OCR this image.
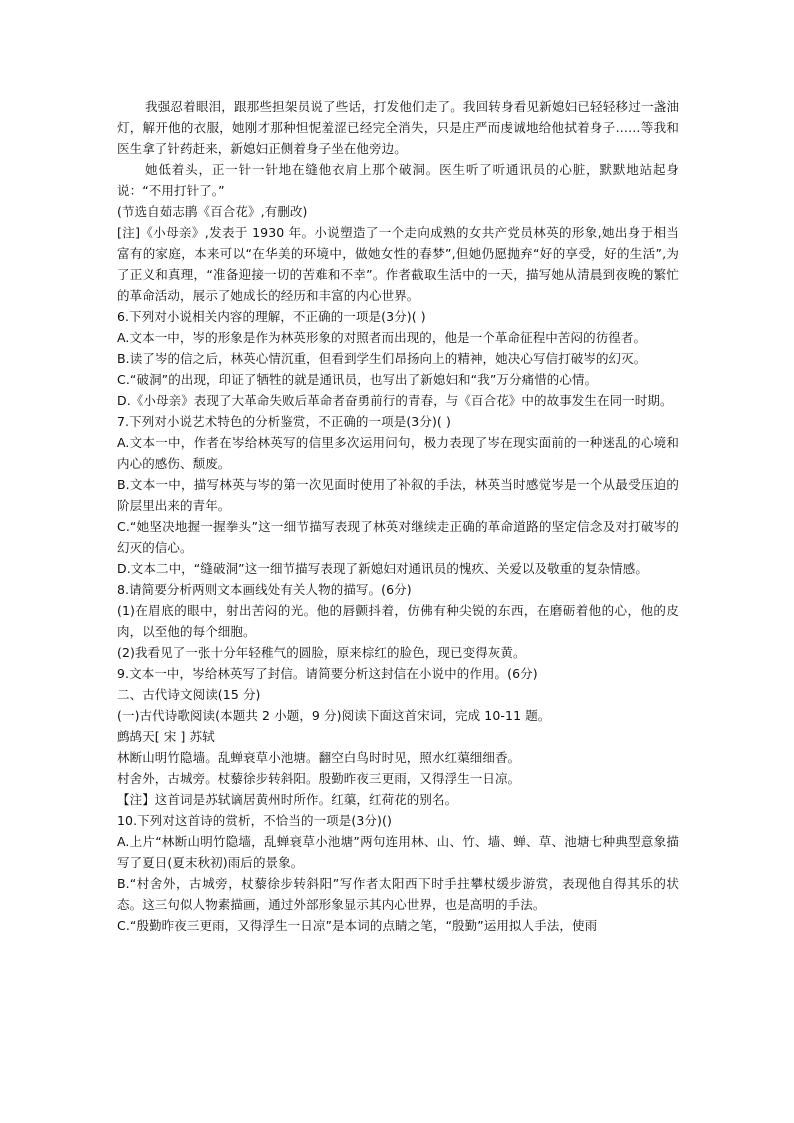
我强忍着眼泪，跟那些担架员说了些话，打发他们走了。我回转身看见新媳妇已轻轻移过一盏油灯，解开他的衣服，她刚才那种怛怩羞涩已经完全消失，只是庄严而虔诚地给他拭着身子……等我和医生拿了针药赶来，新媳妇正侧着身子坐在他旁边。

她低着头，正一针一针地在缝他衣肩上那个破洞。医生听了听通讯员的心脏，默默地站起身说：“不用打针了。”

(节选自茹志鹃《百合花》,有删改)

[注]《小母亲》,发表于 1930 年。小说塑造了一个走向成熟的女共产党员林英的形象,她出身于相当富有的家庭，本来可以“在华美的环境中，做她女性的春梦”,但她仍愿抛弃“好的享受，好的生活”,为了正义和真理，“准备迎接一切的苦难和不幸”。作者截取生活中的一天，描写她从清晨到夜晚的繁忙的革命活动，展示了她成长的经历和丰富的内心世界。

6.下列对小说相关内容的理解，不正确的一项是(3分)( )

A.文本一中，岑的形象是作为林英形象的对照者而出现的，他是一个革命征程中苦闷的彷徨者。

B.读了岑的信之后，林英心情沉重，但看到学生们昂扬向上的精神，她决心写信打破岑的幻灭。

C.“破洞”的出现，印证了牺牲的就是通讯员，也写出了新媳妇和“我”万分痛惜的心情。

D.《小母亲》表现了大革命失败后革命者奋勇前行的青春，与《百合花》中的故事发生在同一时期。

7.下列对小说艺术特色的分析鉴赏，不正确的一项是(3分)( )

A.文本一中，作者在岑给林英写的信里多次运用问句，极力表现了岑在现实面前的一种迷乱的心境和内心的感伤、颓废。

B.文本一中，描写林英与岑的第一次见面时使用了补叙的手法，林英当时感觉岑是一个从最受压迫的阶层里出来的青年。

C.“她坚决地握一握拳头”这一细节描写表现了林英对继续走正确的革命道路的坚定信念及对打破岑的幻灭的信心。

D.文本二中，“缝破洞”这一细节描写表现了新媳妇对通讯员的愧疚、关爱以及敬重的复杂情感。

8.请简要分析两则文本画线处有关人物的描写。(6分)

(1)在眉底的眼中，射出苦闷的光。他的唇颤抖着，仿佛有种尖锐的东西，在磨砺着他的心，他的皮肉，以至他的每个细胞。

(2)我看见了一张十分年轻稚气的圆脸，原来棕红的脸色，现已变得灰黄。

9.文本一中，岑给林英写了封信。请简要分析这封信在小说中的作用。(6分)

二、古代诗文阅读(15 分)

(一)古代诗歌阅读(本题共 2 小题，9 分)阅读下面这首宋词，完成 10-11 题。

鹧鸪天[ 宋 ] 苏轼

林断山明竹隐墙。乱蝉衰草小池塘。翻空白鸟时时见，照水红蕖细细香。

村舍外，古城旁。杖藜徐步转斜阳。殷勤昨夜三更雨，又得浮生一日凉。

【注】这首词是苏轼谪居黄州时所作。红蕖，红荷花的别名。

10.下列对这首诗的赏析，不恰当的一项是(3分)()

A.上片“林断山明竹隐墙，乱蝉衰草小池塘”两句连用林、山、竹、墙、蝉、草、池塘七种典型意象描写了夏日(夏末秋初)雨后的景象。

B.“村舍外，古城旁，杖藜徐步转斜阳”写作者太阳西下时手拄攀杖缓步游赏，表现他自得其乐的状态。这三句似人物素描画，通过外部形象显示其内心世界，也是高明的手法。

C.“殷勤昨夜三更雨，又得浮生一日凉”是本词的点睛之笔，“殷勤”运用拟人手法，使雨
